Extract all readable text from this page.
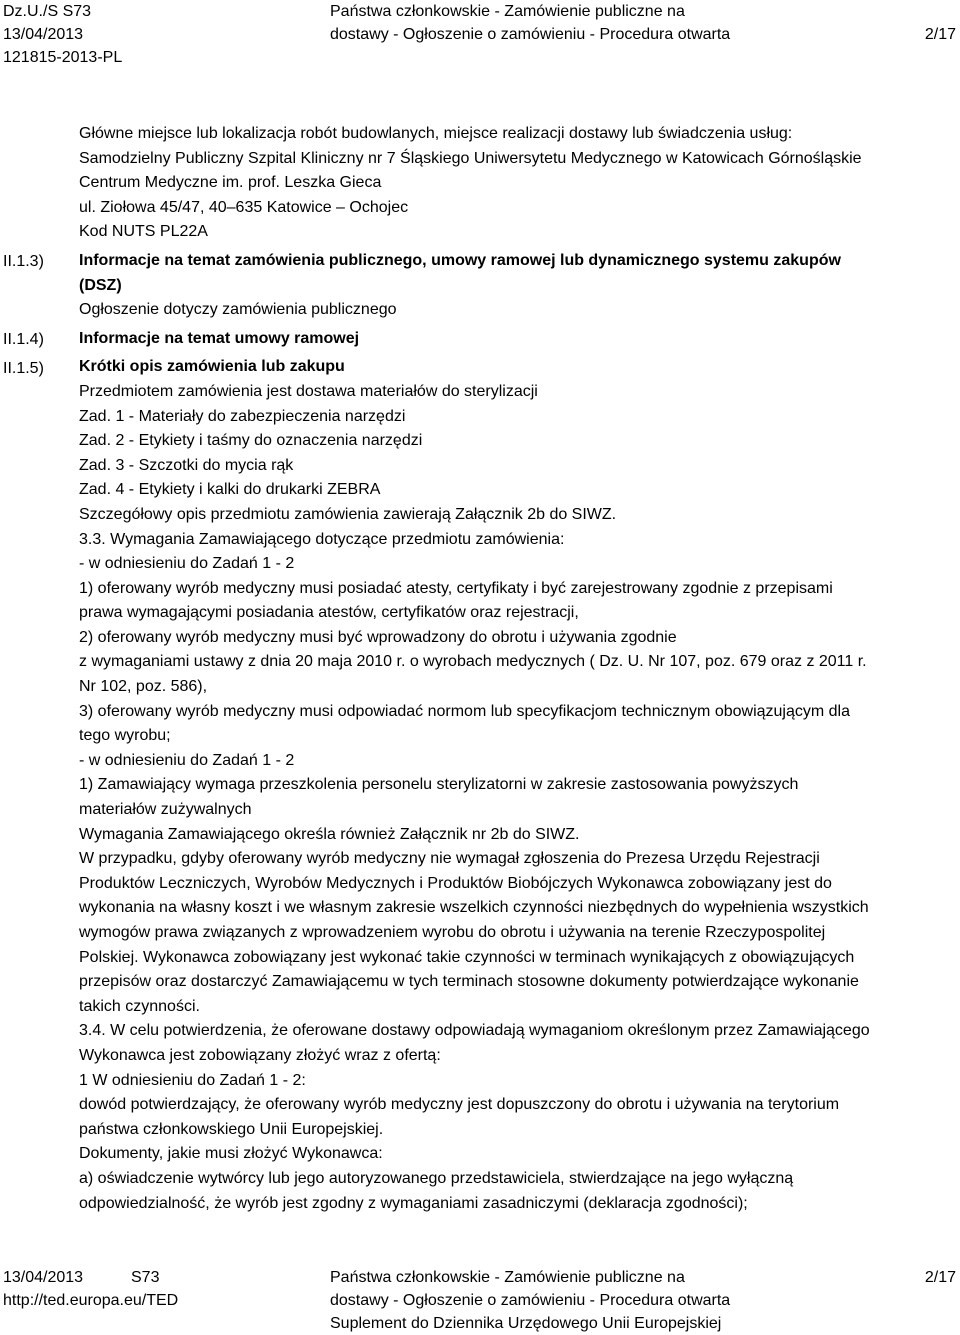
Dz.U./S S73
13/04/2013
121815-2013-PL
Państwa członkowskie - Zamówienie publiczne na
dostawy - Ogłoszenie o zamówieniu - Procedura otwarta	2/17
II.1.3)
II.1.4)
II.1.5)

Główne miejsce lub lokalizacja robót budowlanych, miejsce realizacji dostawy lub świadczenia usług:

Samodzielny Publiczny Szpital Kliniczny nr 7 Śląskiego Uniwersytetu Medycznego w Katowicach Górnośląskie

Centrum Medyczne im. prof. Leszka Gieca

ul. Ziołowa 45/47, 40–635 Katowice – Ochojec

Kod NUTS PL22A

Informacje na temat zamówienia publicznego, umowy ramowej lub dynamicznego systemu zakupów

(DSZ)

Ogłoszenie dotyczy zamówienia publicznego

Informacje na temat umowy ramowej

Krótki opis zamówienia lub zakupu

Przedmiotem zamówienia jest dostawa materiałów do sterylizacji

Zad. 1 - Materiały do zabezpieczenia narzędzi

Zad. 2 - Etykiety i taśmy do oznaczenia narzędzi

Zad. 3 - Szczotki do mycia rąk

Zad. 4 - Etykiety i kalki do drukarki ZEBRA

Szczegółowy opis przedmiotu zamówienia zawierają Załącznik 2b do SIWZ.

3.3. Wymagania Zamawiającego dotyczące przedmiotu zamówienia:

- w odniesieniu do Zadań 1 - 2

1) oferowany wyrób medyczny musi posiadać atesty, certyfikaty i być zarejestrowany zgodnie z przepisami

prawa wymagającymi posiadania atestów, certyfikatów oraz rejestracji,

2) oferowany wyrób medyczny musi być wprowadzony do obrotu i używania zgodnie

z wymaganiami ustawy z dnia 20 maja 2010 r. o wyrobach medycznych ( Dz. U. Nr 107, poz. 679 oraz z 2011 r.

Nr 102, poz. 586),

3) oferowany wyrób medyczny musi odpowiadać normom lub specyfikacjom technicznym obowiązującym dla

tego wyrobu;

- w odniesieniu do Zadań 1 - 2

1) Zamawiający wymaga przeszkolenia personelu sterylizatorni w zakresie zastosowania powyższych

materiałów zużywalnych

Wymagania Zamawiającego określa również Załącznik nr 2b do SIWZ.

W przypadku, gdyby oferowany wyrób medyczny nie wymagał zgłoszenia do Prezesa Urzędu Rejestracji

Produktów Leczniczych, Wyrobów Medycznych i Produktów Biobójczych Wykonawca zobowiązany jest do

wykonania na własny koszt i we własnym zakresie wszelkich czynności niezbędnych do wypełnienia wszystkich

wymogów prawa związanych z wprowadzeniem wyrobu do obrotu i używania na terenie Rzeczypospolitej

Polskiej. Wykonawca zobowiązany jest wykonać takie czynności w terminach wynikających z obowiązujących

przepisów oraz dostarczyć Zamawiającemu w tych terminach stosowne dokumenty potwierdzające wykonanie

takich czynności.

3.4. W celu potwierdzenia, że oferowane dostawy odpowiadają wymaganiom określonym przez Zamawiającego

Wykonawca jest zobowiązany złożyć wraz z ofertą:

1 W odniesieniu do Zadań 1 - 2:

dowód potwierdzający, że oferowany wyrób medyczny jest dopuszczony do obrotu i używania na terytorium

państwa członkowskiego Unii Europejskiej.

Dokumenty, jakie musi złożyć Wykonawca:

a) oświadczenie wytwórcy lub jego autoryzowanego przedstawiciela, stwierdzające na jego wyłączną

odpowiedzialność, że wyrób jest zgodny z wymaganiami zasadniczymi (deklaracja zgodności);

13/04/2013	S73
http://ted.europa.eu/TED
Państwa członkowskie - Zamówienie publiczne na
dostawy - Ogłoszenie o zamówieniu - Procedura otwarta
Suplement do Dziennika Urzędowego Unii Europejskiej
2/17
